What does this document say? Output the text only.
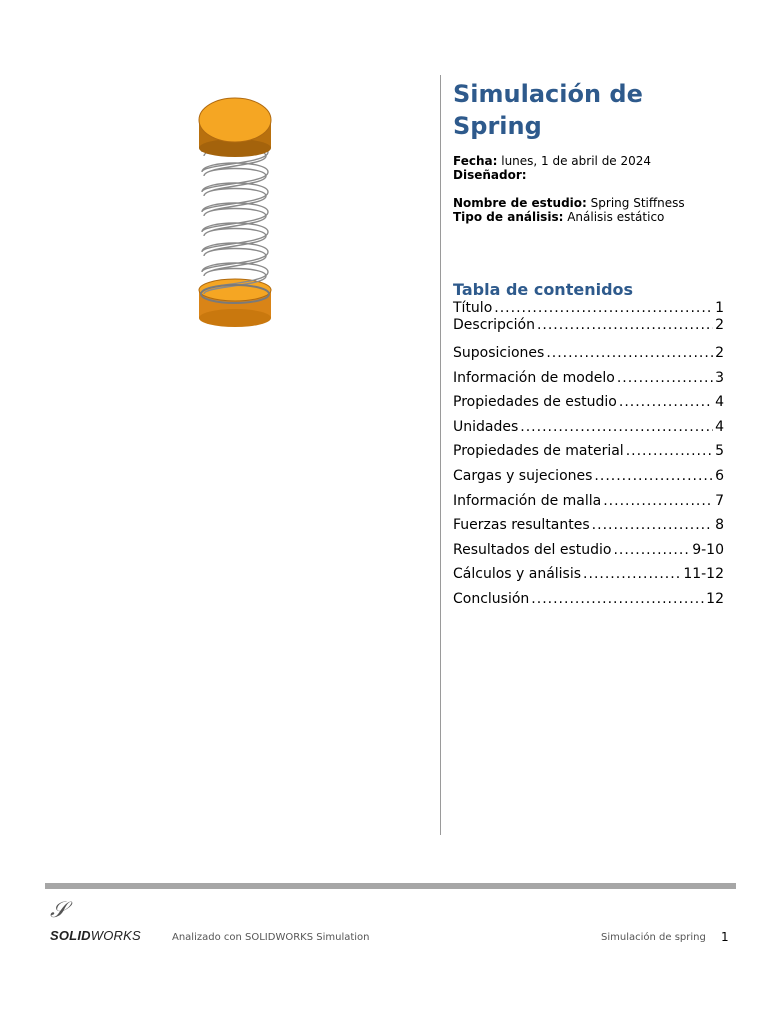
Simulación de Spring
Fecha: lunes, 1 de abril de 2024
Diseñador:
Nombre de estudio: Spring Stiffness
Tipo de análisis: Análisis estático
Tabla de contenidos
Título .....	1
Descripción .....	2
Suposiciones .....	2
Información de modelo .....	3
Propiedades de estudio .....	4
Unidades .....	4
Propiedades de material .....	5
Cargas y sujeciones .....	6
Información de malla .....	7
Fuerzas resultantes .....	8
Resultados del estudio .....	9-10
Cálculos y análisis .....	11-12
Conclusión .....	12
𝒮
SOLIDWORKS	Analizado con SOLIDWORKS Simulation	Simulación de spring 1
